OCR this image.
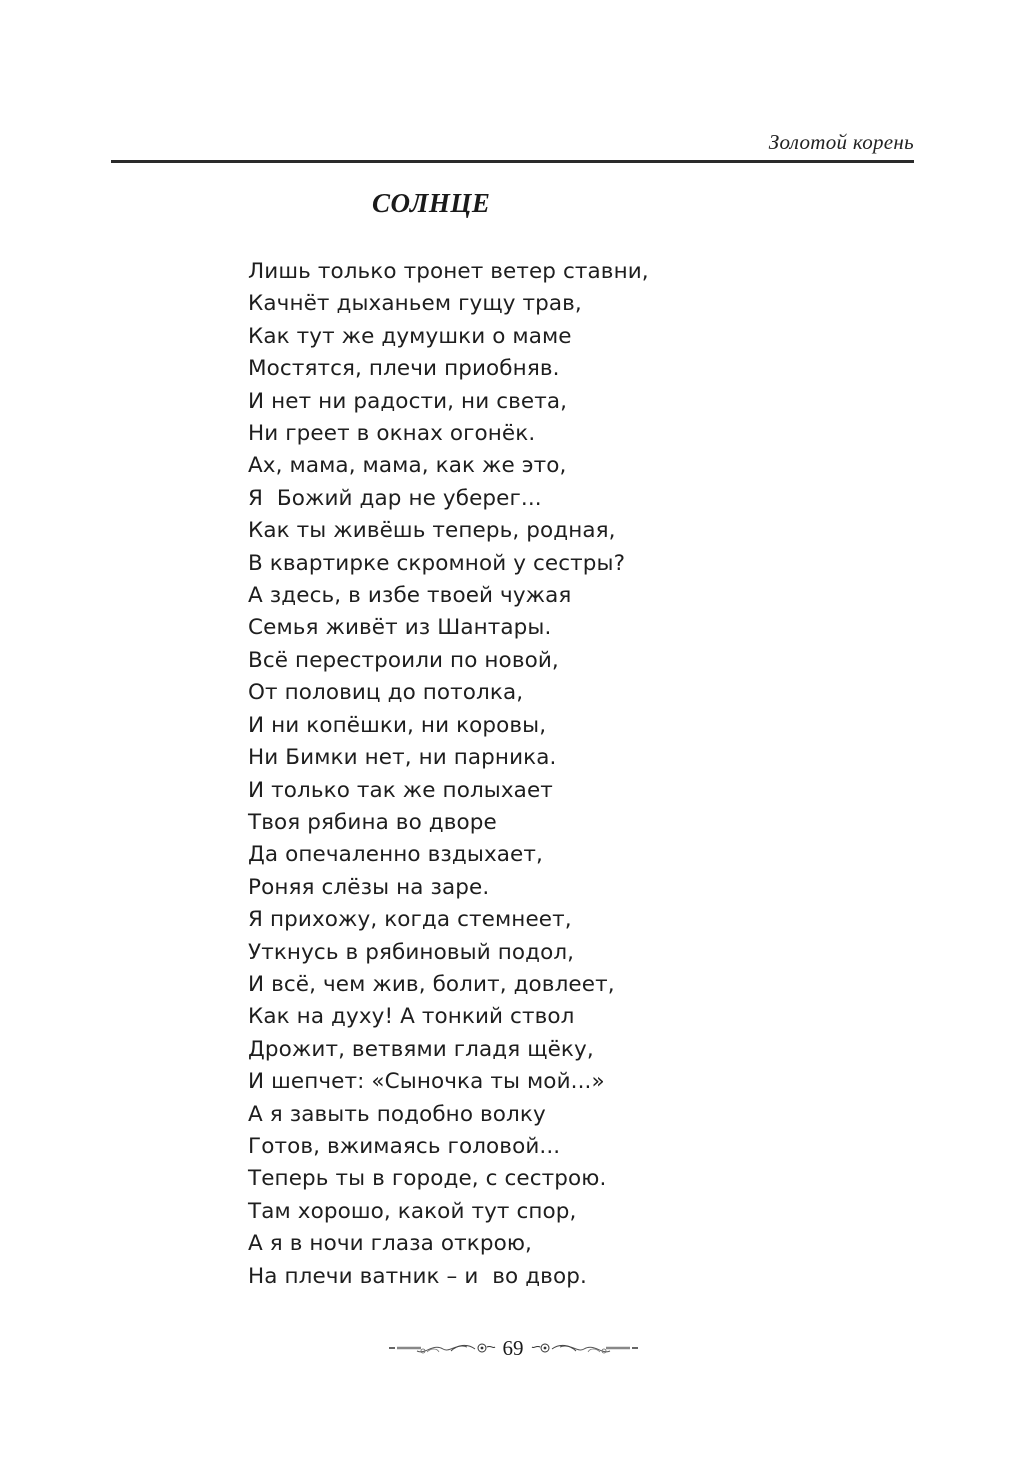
Золотой корень
СОЛНЦЕ
Лишь только тронет ветер ставни,
Качнёт дыханьем гущу трав,
Как тут же думушки о маме
Мостятся, плечи приобняв.
И нет ни радости, ни света,
Ни греет в окнах огонёк.
Ах, мама, мама, как же это,
Я  Божий дар не уберег...
Как ты живёшь теперь, родная,
В квартирке скромной у сестры?
А здесь, в избе твоей чужая
Семья живёт из Шантары.
Всё перестроили по новой,
От половиц до потолка,
И ни копёшки, ни коровы,
Ни Бимки нет, ни парника.
И только так же полыхает
Твоя рябина во дворе
Да опечаленно вздыхает,
Роняя слёзы на заре.
Я прихожу, когда стемнеет,
Уткнусь в рябиновый подол,
И всё, чем жив, болит, довлеет,
Как на духу! А тонкий ствол
Дрожит, ветвями гладя щёку,
И шепчет: «Сыночка ты мой...»
А я завыть подобно волку
Готов, вжимаясь головой...
Теперь ты в городе, с сестрою.
Там хорошо, какой тут спор,
А я в ночи глаза открою,
На плечи ватник – и  во двор.
69
